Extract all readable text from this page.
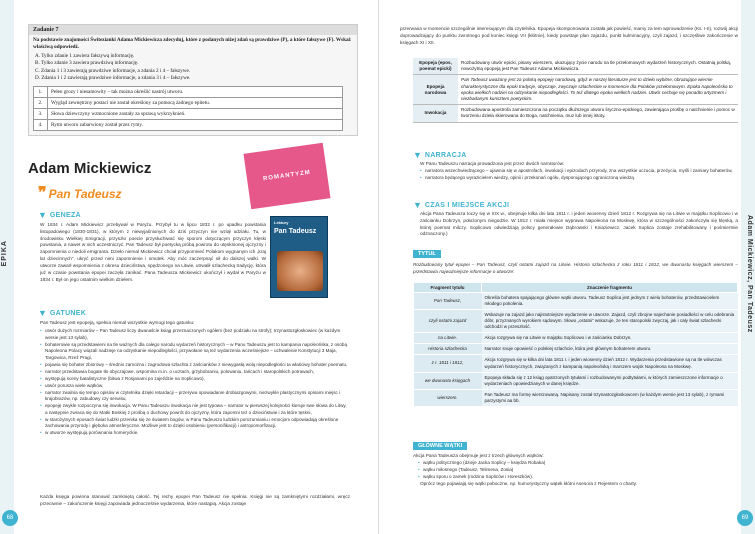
EPIKA
68
Zadanie 7
Na podstawie znajomości Świtezianki Adama Mickiewicza zdecyduj, które z podanych niżej zdań są prawdziwe (P), a które fałszywe (F). Wskaż właściwą odpowiedź.
A. Tylko zdanie 1 zawiera fałszywą informację.
B. Tylko zdanie 3 zawiera prawdziwą informację.
C. Zdania 1 i 3 zawierają prawdziwe informacje, a zdania 2 i 4 – fałszywe.
D. Zdania 1 i 2 zawierają prawdziwe informacje, a zdania 3 i 4 – fałszywe.
1.	Pełen grozy i niesamowity – tak można określić nastrój utworu.
2.	Wygląd zewnętrzny postaci nie został określony za pomocą żadnego epitetu.
3.	Słowa dziewczyny wzmocnione zostały za sprawą wykrzyknień.
4.	Rytm utworu zabarwiony został przez rymy.
Adam Mickiewicz	ROMANTYZM
❞ Pan Tadeusz
▼ GENEZA
W 1834 r. Adam Mickiewicz przebywał w Paryżu. Przybył tu w lipcu 1832 r. po upadku powstania listopadowego (1830-1831), w którym z niewyjaśnionych do dziś przyczyn nie wziął udziału. Tu, w środowisku Wielkiej Emigracji, przyszło poecie przysłuchiwać się sporom dotyczącym przyczyn klęski powstania, a nawet w nich uczestniczyć. Pan Tadeusz był poetycką próbą powrotu do utęsknionej ojczyzny i zapomnienia o niedoli emigranta. Dzieło niemal Mickiewicz chciał przypomnieć Polakom wygnanym ich „kraj lat dziecinnych”, ukryć przed nimi zapomnienie i smutek. Aby móc zaczerpnąć sił do dalszej walki. W utworze zawarł wspomnienia z okresu dzieciństwa, spędzonego na Litwie, utrwalił szlachecką tradycję, która już w czasie powstania epopei zaczęła zanikać. Pana Tadeusza Mickiewicz ukończył i wydał w Paryżu w 1834 r. Był on jego ostatnim wielkim dziełem.
Lektury
Pan Tadeusz
▼ GATUNEK
Pan Tadeusz jest epopeją, spełnia niemal wszystkie wymogi tego gatunku:
• utwór dużych rozmiarów – Pan Tadeusz liczy dwanaście ksiąg przeznaczonych ogółem (bez podziału na strofy); trzynastozgłoskowiec (w każdym wersie jest 13 sylab),
• bohaterowie są przedstawieni na tle ważnych dla całego narodu wydarzeń historycznych – w Panu Tadeuszu jest to kampania napoleońska, z osobą Napoleona Polacy wiązali nadzieje na odzyskanie niepodległości, przywołane są też wydarzenia wcześniejsze – uchwalenie Konstytucji 3 Maja, Targowica, Rzeź Pragi,
• pojawia się bohater zbiorowy – średnio zamożna i zagrodowa szlachta z zaścianków z niewygasłą wolą niepodległości ta właściwy bohater poematu,
• narrator przedstawia bogate tło obyczajowe, wspomina m.in. o ucztach, grzybobraniu, polowaniu, tańcach i staropolskich potrawach,
• występują sceny batalistyczne (bitwa z Rosjanami po zajeździe na Soplicowo),
• utwór porusza wiele wątków,
• narrator zwalnia się tempo opisów w czytelnika dzięki retardacji – przerywa opowiadanie drobiazgowymi, niezwykle plastycznymi opisami miejsc i krajobrazów, np. zabudowy czy serwisu,
• epopeję zwykle rozpoczyna się inwokacja. W Panu Tadeuszu inwokacja nie jest typowa – narrator w pierwszej kolejności kieruje swe słowa do Litwy, a następnie zwraca się do Matki Boskiej z prośbą o duchowy powrót do ojczyzny, która zapomni też o dzieciństwie i za które tęskni,
• w starożytnych eposach świat ludzki przenika się ze światem bogów, w Panu Tadeuszu ludzkim porozumianiu i emocjom odpowiadają określone zachowania przyrody i głęboka atmosferyczne. Możliwe jest to dzięki osobieniu (personifikacji) i antropomorfizacji,
• w utworze występują porównania homeryckie.
Każda księga powinna stanowić zamkniętą całość. Tej rechy epopei Pan Tadeusz nie spełnia. Księgi nie są zamkniętymi rozdziałami, wręcz przeciwnie – zakończenie księgi zapowiada jednocześnie wydarzenia, które nastąpią. Akcja zostaje
Adam Mickiewicz, Pan Tadeusz
69
przerwana w momencie szczególnie interesującym dla czytelnika. Epopeja skomponowana została jak powieść, mamy za tem wprowadzenie (Ks. I-II), rozwój akcji doprowadzający do punktu zwrotnego pod koniec księgi VII (kłótnie), kiedy powstaje plan zajazdu, punkt kulminacyjny, czyli zajazd, i szczęśliwe zakończenie w księgach XI i XII.
Epopeja (epos, poemat epicki)	Rozbudowany utwór epicki, pisany wierszem, ukazujący życie narodu na tle przełomowych wydarzeń historycznych. Ostatnią polską, nowożytną epopeją jest Pan Tadeusz Adama Mickiewicza.
Epopeja narodowa	Pan Tadeusz uważany jest za polską epopeję narodową, gdyż w naszej literaturze jest to dzieło wybitne, obrazujące wiernie charakterystyczne dla epoki tradycje, obyczaje, zwyczaje szlacheckie w momencie dla Polaków przełomowym. Epoka napoleońska to epoka wielkich nadziei na odzyskanie niepodległości. To też dlatego epoka wielkich nadziei. Utwór cechuje się ponadto artyzmem i niezbadanym kunsztem poetyckim.
Inwokacja	Rozbudowana apostrofa zamieszczona na początku dłuższego utworu liryczno-epickiego, zawierająca prośbę o natchnienie i pomoc w tworzeniu dzieła skierowana do Boga, natchnienia, muz lub innej istoty.
▼ NARRACJA
W Panu Tadeuszu narracja prowadzona jest przez dwóch narratorów:
• narratora wszechwiedzącego – ujawnia się w apostrofach, inwokacji i epizodach przyrody, zna wszystkie uczucia, przeżycia, myśli i zamiary bohaterów,
• narratora będącego wyrazicielem wiedzy, opinii i przekonań ogółu, dysponującego ograniczoną wiedzą.
▼ CZAS I MIEJSCE AKCJI
Akcja Pana Tadeusza toczy się w XIX w., obejmuje kilka dni lata 1811 r. i jeden wiosenny dzień 1812 r. Rozgrywa się na Litwie w majątku Soplicowo i w zaścianku Dobrzyn, położonym niegodzie. W 1812 r. miała miejsce wyprawa Napoleona na Moskwę, która w szczególności zakończyła się klęską, a której poemat milczy. Soplicowo odwiedziają polscy generałowie Dąbrowski i Kniaziewicz. Jacek Soplica zostaje zrehabilitowany i pośmiertnie odznaczony.)
TYTUŁ
Rozbudowany tytuł epopei – Pan Tadeusz, czyli ostatni zajazd na Litwie. Historia szlachecka z roku 1811 i 1812, we dwunastu księgach wierszem – przedstawia najważniejsze informacje o utworze:
Fragment tytułu	Znaczenie fragmentu
Pan Tadeusz,	Określa bohatera spajającego główne wątki utworu. Tadeusz Soplica jest jednym z wielu bohaterów, przedstawicielem młodego pokolenia.
czyli ostatni zajazd	Wskazuje na zajazd jako najistotniejsze wydarzenie w utworze. Zajazd, czyli zbrojne najechanie posiadłości w celu odebrania dóbr, przyznanych wyrokiem sądowym. Słowo „ostatni” wskazuje, że ten staropolski zwyczaj, jak i cały świat szlachecki odchodzi w przeszłość.
na Litwie.	Akcja rozgrywa się na Litwie w majątku Soplicowo i w zaścianku Dobrzyn.
Historia szlachecka	Narrator snuje opowieść o polskiej szlachcie, która jest głównym bohaterem utworu.
z r. 1811 i 1812,	Akcja rozgrywa się w kilka dni lata 1811 r. i jeden wiosenny dzień 1812 r. Wydarzenia przedstawione są na tle wówczas wydarzeń historycznych, związanych z kampanią napoleońską i marszem wojsk Napoleona na Moskwę.
we dwunastu księgach	Epopeja składa się z 12 ksiąg opatrzonych tytułami i rozbudowanymi podtytułami, w których zamieszczone informacje o wydarzeniach opowiedzianych w danej księdze.
wierszem.	Pan Tadeusz ma formę wierszowaną. Napisany został trzynastozgłoskowcem (w każdym wersie jest 13 sylab), z rymami parzystymi aa bb.
GŁÓWNE WĄTKI
Akcja Pana Tadeusza obejmuje jest z trzech głównych wątków:
• wątku politycznego (dzieje Jacka Soplicy – księdza Robaka)
• wątku miłosnego (Tadeusz, Telimena, Zosia)
• wątku sporu o zamek (rodzina Sopliców i Horeszków).
Oprócz tego pojawiają się wątki poboczne, np. humorystyczny wątek kłótni Asesora z Rejentem o charty.
